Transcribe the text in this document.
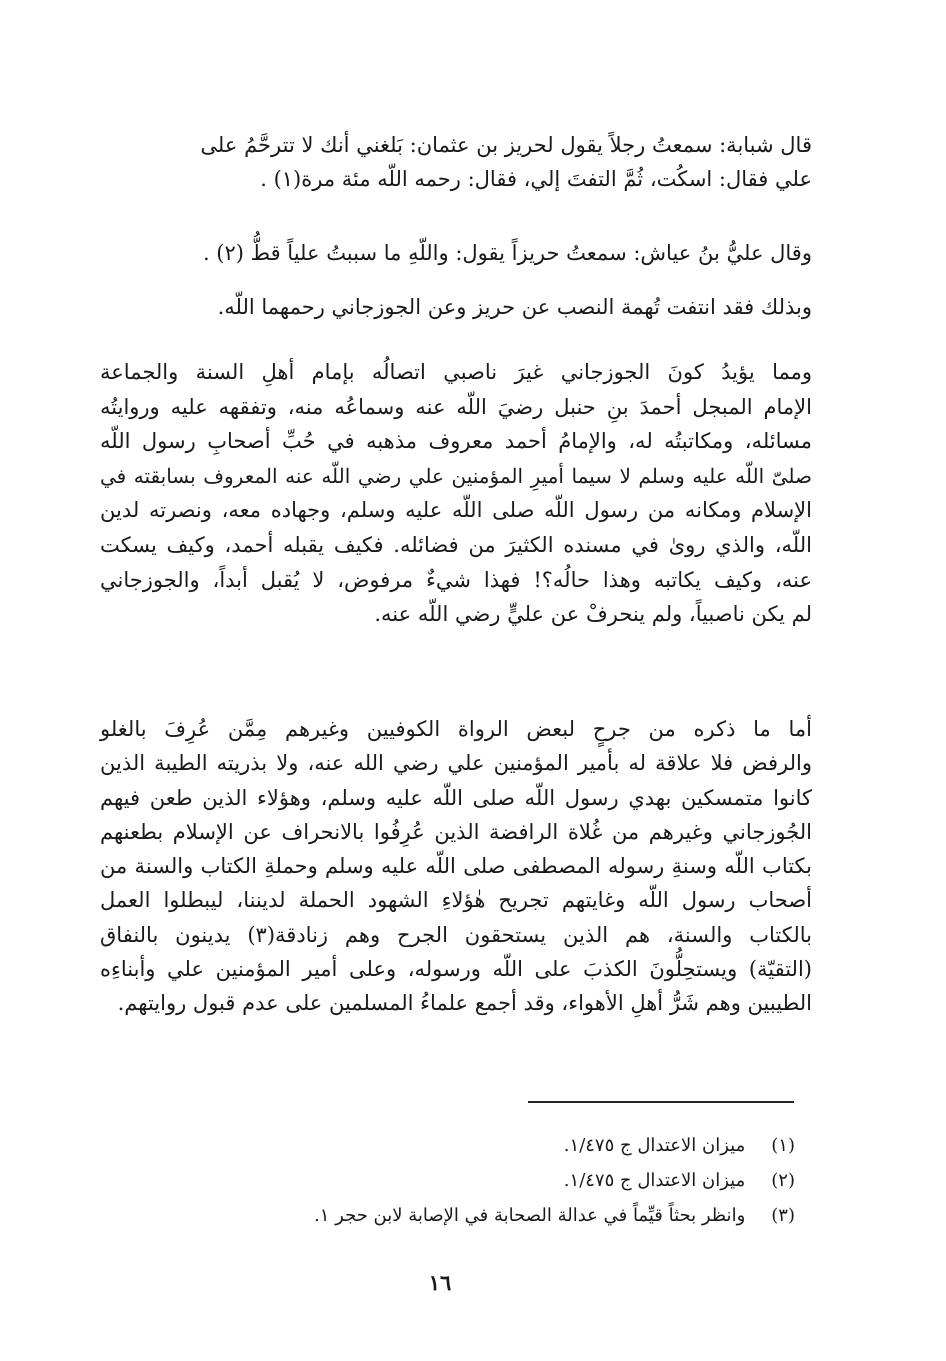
قال شبابة: سمعتُ رجلاً يقول لحريز بن عثمان: بَلغني أنك لا تترحَّمُ على
علي فقال: اسكُت، ثُمَّ التفتَ إلي، فقال: رحمه اللّه مئة مرة(١) .

وقال عليُّ بنُ عياش: سمعتُ حريزاً يقول: واللّهِ ما سببتُ علياً قطُّ (٢) .

وبذلك فقد انتفت تُهمة النصب عن حريز وعن الجوزجاني رحمهما اللّه.

ومما يؤيدُ كونَ الجوزجاني غيرَ ناصبي اتصالُه بإمام أهلِ السنة والجماعة
الإمام المبجل أحمدَ بنِ حنبل رضيَ اللّه عنه وسماعُه منه، وتفقهه عليه وروايتُه
مسائله، ومكاتبتُه له، والإمامُ أحمد معروف مذهبه في حُبِّ أصحابِ رسول اللّه
صلىّ اللّه عليه وسلم لا سيما أميرِ المؤمنين علي رضي اللّه عنه المعروف بسابقته في
الإسلام ومكانه من رسول اللّه صلى اللّه عليه وسلم، وجهاده معه، ونصرته لدين
اللّه، والذي روىٰ في مسنده الكثيرَ من فضائله. فكيف يقبله أحمد، وكيف يسكت
عنه، وكيف يكاتبه وهذا حالُه؟! فهذا شيءٌ مرفوض، لا يُقبل أبداً، والجوزجاني
لم يكن ناصبياً، ولم ينحرفْ عن عليٍّ رضي اللّه عنه.

أما ما ذكره من جرحٍ لبعض الرواة الكوفيين وغيرهم مِمَّن عُرِفَ بالغلو
والرفض فلا علاقة له بأمير المؤمنين علي رضي الله عنه، ولا بذريته الطيبة الذين
كانوا متمسكين بهدي رسول اللّه صلى اللّه عليه وسلم، وهؤلاء الذين طعن فيهم
الجُوزجاني وغيرهم من غُلاة الرافضة الذين عُرِفُوا بالانحراف عن الإسلام بطعنهم
بكتاب اللّه وسنةِ رسوله المصطفى صلى اللّه عليه وسلم وحملةِ الكتاب والسنة من
أصحاب رسول اللّه وغايتهم تجريح هٰؤلاءِ الشهود الحملة لديننا، ليبطلوا العمل
بالكتاب والسنة، هم الذين يستحقون الجرح وهم زنادقة(٣) يدينون بالنفاق
(التقيّة) ويستحِلُّونَ الكذبَ على اللّه ورسوله، وعلى أمير المؤمنين علي وأبناءِه
الطيبين وهم شَرُّ أهلِ الأهواء، وقد أجمع علماءُ المسلمين على عدم قبول روايتهم.

(١) ميزان الاعتدال ج ١/٤٧٥.
(٢) ميزان الاعتدال ج ١/٤٧٥.
(٣) وانظر بحثاً قيِّماً في عدالة الصحابة في الإصابة لابن حجر ١.
١٦
